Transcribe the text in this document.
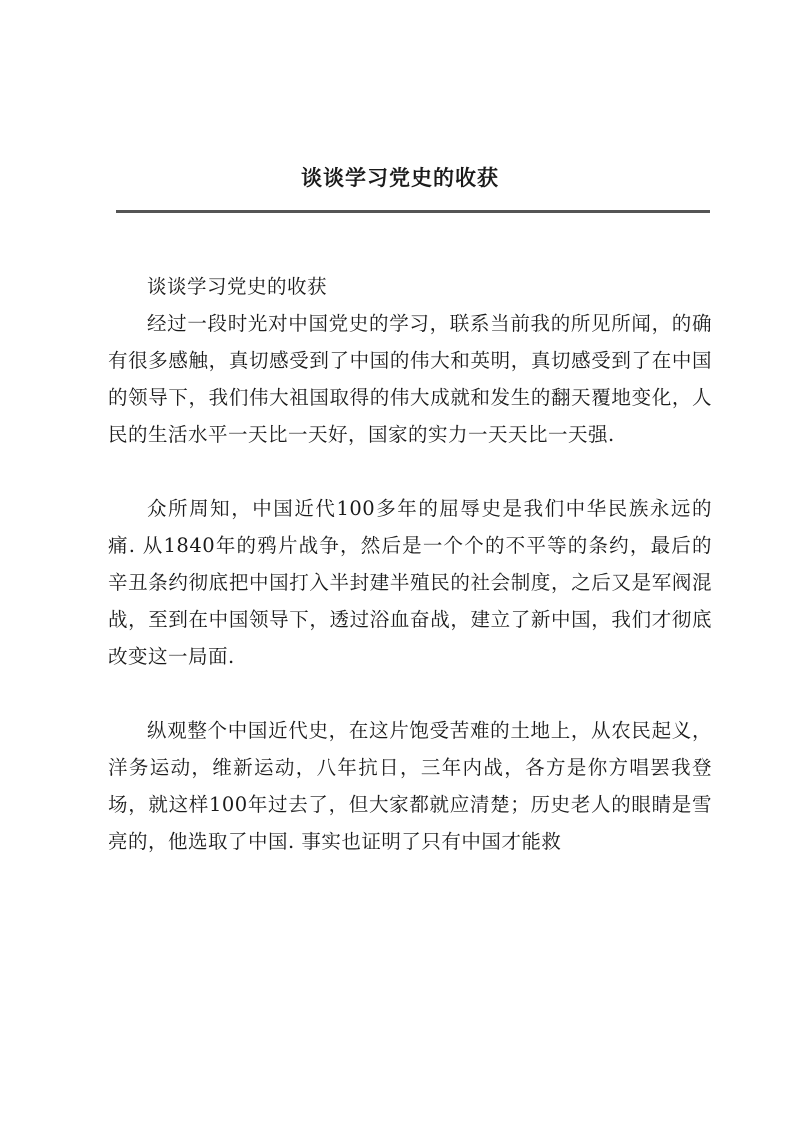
谈谈学习党史的收获

谈谈学习党史的收获

经过一段时光对中国党史的学习，联系当前我的所见所闻，的确有很多感触，真切感受到了中国的伟大和英明，真切感受到了在中国的领导下，我们伟大祖国取得的伟大成就和发生的翻天覆地变化，人民的生活水平一天比一天好，国家的实力一天天比一天强.

众所周知，中国近代100多年的屈辱史是我们中华民族永远的痛. 从1840年的鸦片战争，然后是一个个的不平等的条约，最后的辛丑条约彻底把中国打入半封建半殖民的社会制度，之后又是军阀混战，至到在中国领导下，透过浴血奋战，建立了新中国，我们才彻底改变这一局面.

纵观整个中国近代史，在这片饱受苦难的土地上，从农民起义，洋务运动，维新运动，八年抗日，三年内战，各方是你方唱罢我登场，就这样100年过去了，但大家都就应清楚；历史老人的眼睛是雪亮的，他选取了中国. 事实也证明了只有中国才能救
